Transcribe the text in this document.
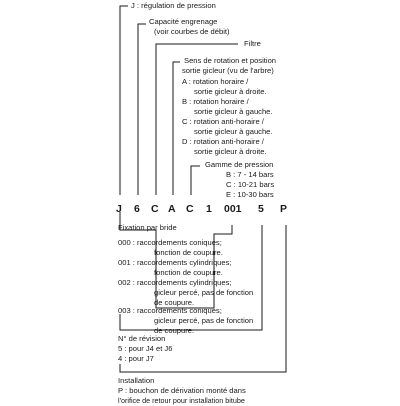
J : régulation de pression
Capacité engrenage
(voir courbes de débit)
Filtre
Sens de rotation et position
sortie gicleur (vu de l'arbre)
A : rotation horaire /
sortie gicleur à droite.
B : rotation horaire /
sortie gicleur à gauche.
C : rotation anti-horaire /
sortie gicleur à gauche.
D : rotation anti-horaire /
sortie gicleur à droite.
Gamme de pression
B : 7 - 14 bars
C : 10-21 bars
E : 10-30 bars
J 6 C A C 1 001 5 P
Fixation par bride
000 : raccordements coniques;
fonction de coupure.
001 : raccordements cylindriques;
fonction de coupure.
002 : raccordements cylindriques;
gicleur percé, pas de fonction
de coupure.
003 : raccordements coniques;
gicleur percé, pas de fonction
de coupure.
N° de révision
5 : pour J4 et J6
4 : pour J7
Installation
P : bouchon de dérivation monté dans
l'orifice de retour pour installation bitube
